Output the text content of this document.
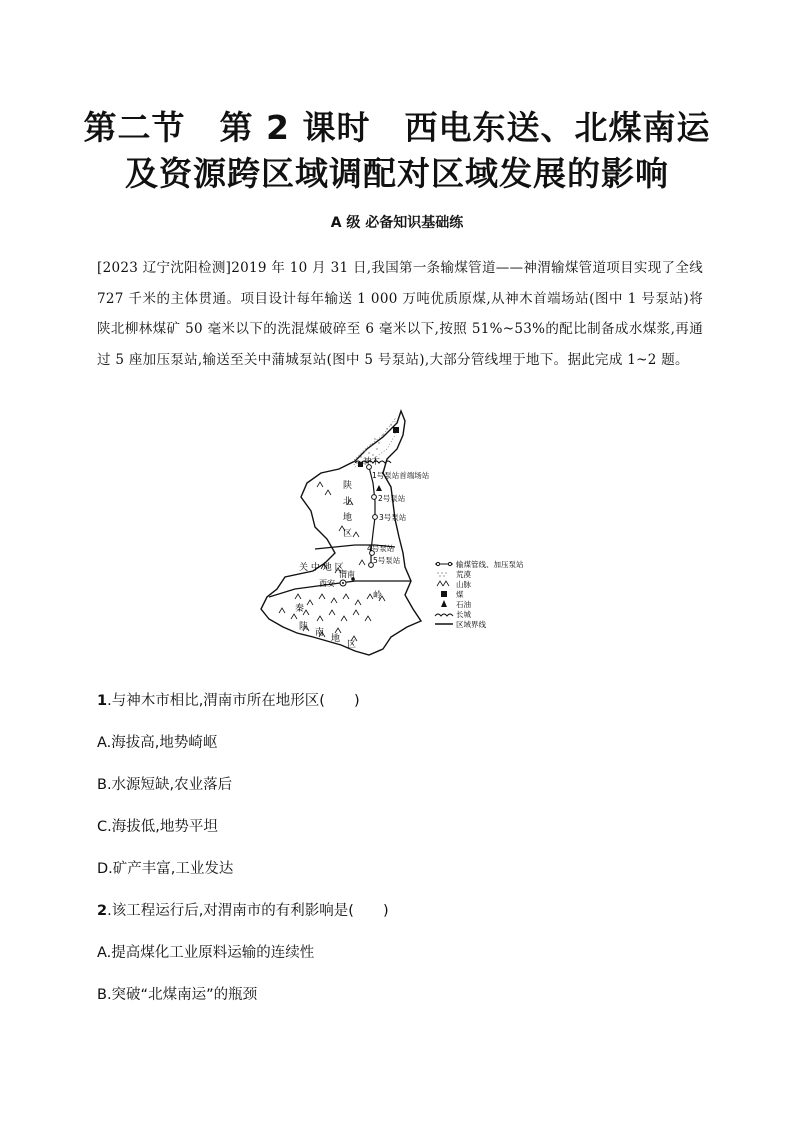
第二节　第 2 课时　西电东送、北煤南运
及资源跨区域调配对区域发展的影响
A 级 必备知识基础练

[2023 辽宁沈阳检测]2019 年 10 月 31 日,我国第一条输煤管道——神渭输煤管道项目实现了全线 727 千米的主体贯通。项目设计每年输送 1 000 万吨优质原煤,从神木首端场站(图中 1 号泵站)将陕北柳林煤矿 50 毫米以下的洗混煤破碎至 6 毫米以下,按照 51%~53%的配比制备成水煤浆,再通过 5 座加压泵站,输送至关中蒲城泵站(图中 5 号泵站),大部分管线埋于地下。据此完成 1~2 题。

神木
1号泵站首端场站
2号泵站
3号泵站
4号泵站
5号泵站
陕
北
地
区
关 中 地 区
渭南
西安
秦
岭
陕
南
地
区
输煤管线、加压泵站
荒漠
山脉
煤
石油
长城
区域界线
1.与神木市相比,渭南市所在地形区(　　)
A.海拔高,地势崎岖
B.水源短缺,农业落后
C.海拔低,地势平坦
D.矿产丰富,工业发达
2.该工程运行后,对渭南市的有利影响是(　　)
A.提高煤化工业原料运输的连续性
B.突破“北煤南运”的瓶颈
